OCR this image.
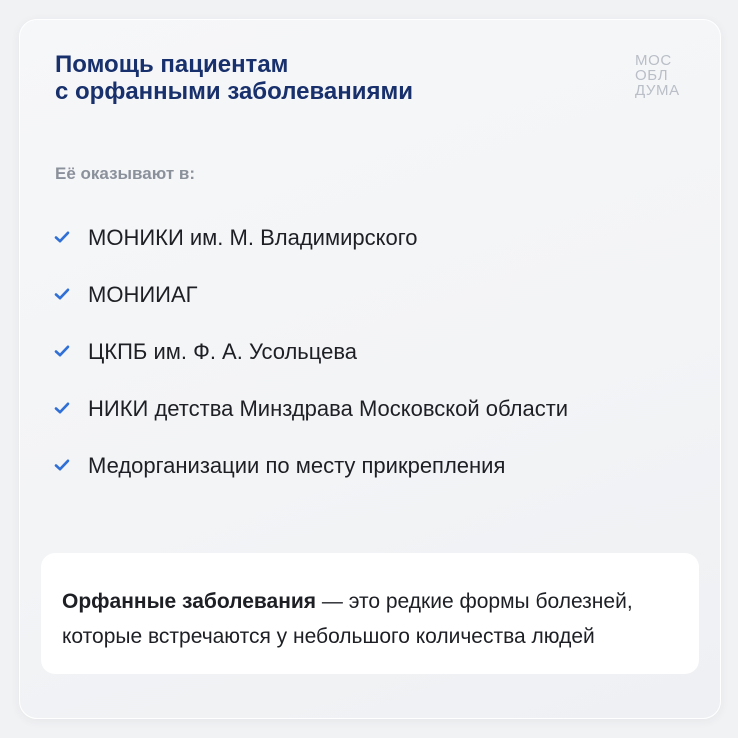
Помощь пациентам
с орфанными заболеваниями
МОС
ОБЛ
ДУМА

Её оказывают в:

МОНИКИ им. М. Владимирского
МОНИИАГ
ЦКПБ им. Ф. А. Усольцева
НИКИ детства Минздрава Московской области
Медорганизации по месту прикрепления
Орфанные заболевания — это редкие формы болезней,
которые встречаются у небольшого количества людей
